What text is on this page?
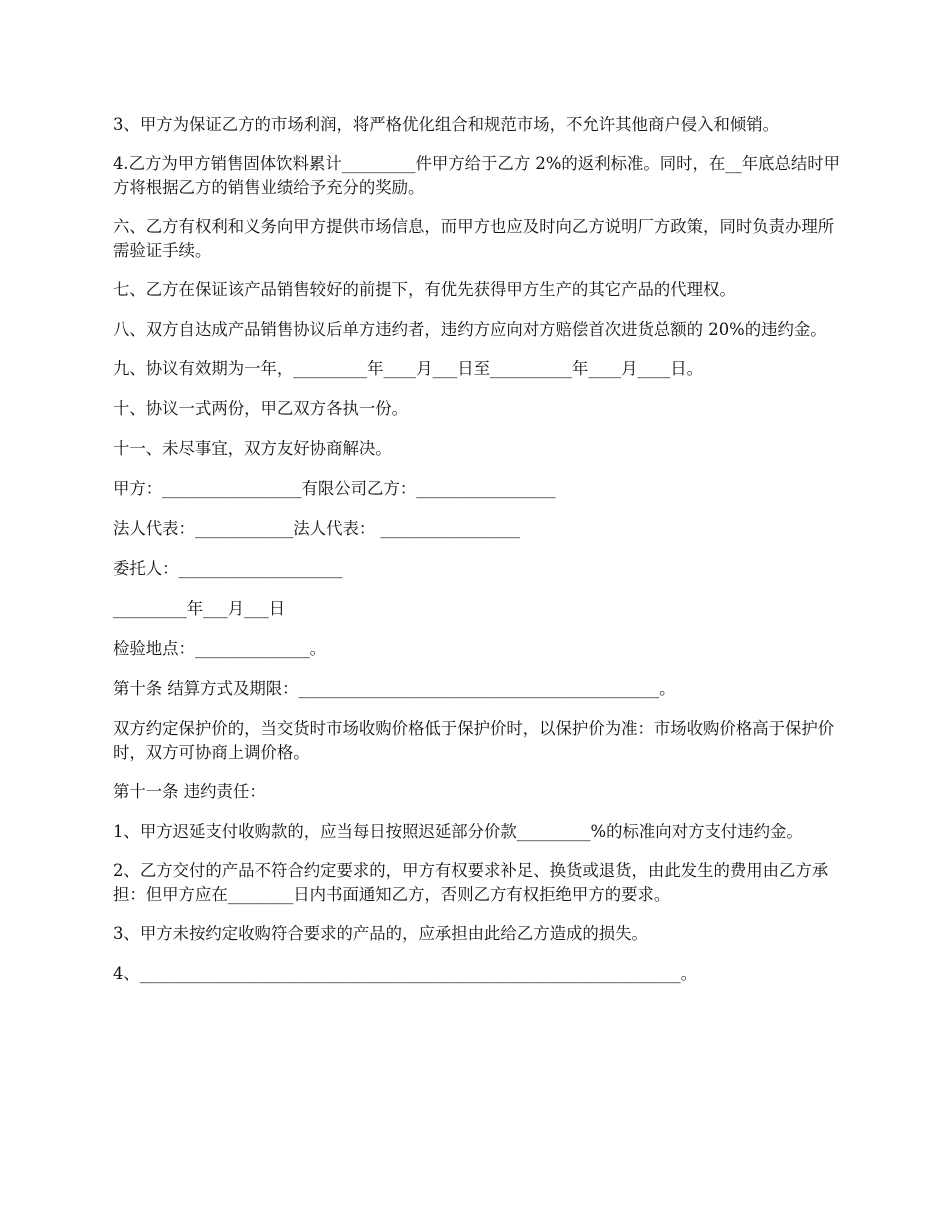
3、甲方为保证乙方的市场利润，将严格优化组合和规范市场，不允许其他商户侵入和倾销。

4.乙方为甲方销售固体饮料累计_________件甲方给于乙方 2%的返利标准。同时，在__年底总结时甲方将根据乙方的销售业绩给予充分的奖励。

六、乙方有权利和义务向甲方提供市场信息，而甲方也应及时向乙方说明厂方政策，同时负责办理所需验证手续。

七、乙方在保证该产品销售较好的前提下，有优先获得甲方生产的其它产品的代理权。

八、双方自达成产品销售协议后单方违约者，违约方应向对方赔偿首次进货总额的 20%的违约金。

九、协议有效期为一年，_________年____月___日至__________年____月____日。

十、协议一式两份，甲乙双方各执一份。

十一、未尽事宜，双方友好协商解决。

甲方：_________________有限公司乙方：_________________

法人代表：____________法人代表： _________________

委托人：____________________

_________年___月___日

检验地点：______________。

第十条 结算方式及期限：____________________________________________。

双方约定保护价的，当交货时市场收购价格低于保护价时，以保护价为准：市场收购价格高于保护价时，双方可协商上调价格。

第十一条 违约责任：

1、甲方迟延支付收购款的，应当每日按照迟延部分价款_________%的标准向对方支付违约金。

2、乙方交付的产品不符合约定要求的，甲方有权要求补足、换货或退货，由此发生的费用由乙方承担：但甲方应在________日内书面通知乙方，否则乙方有权拒绝甲方的要求。

3、甲方未按约定收购符合要求的产品的，应承担由此给乙方造成的损失。

4、__________________________________________________________________。
